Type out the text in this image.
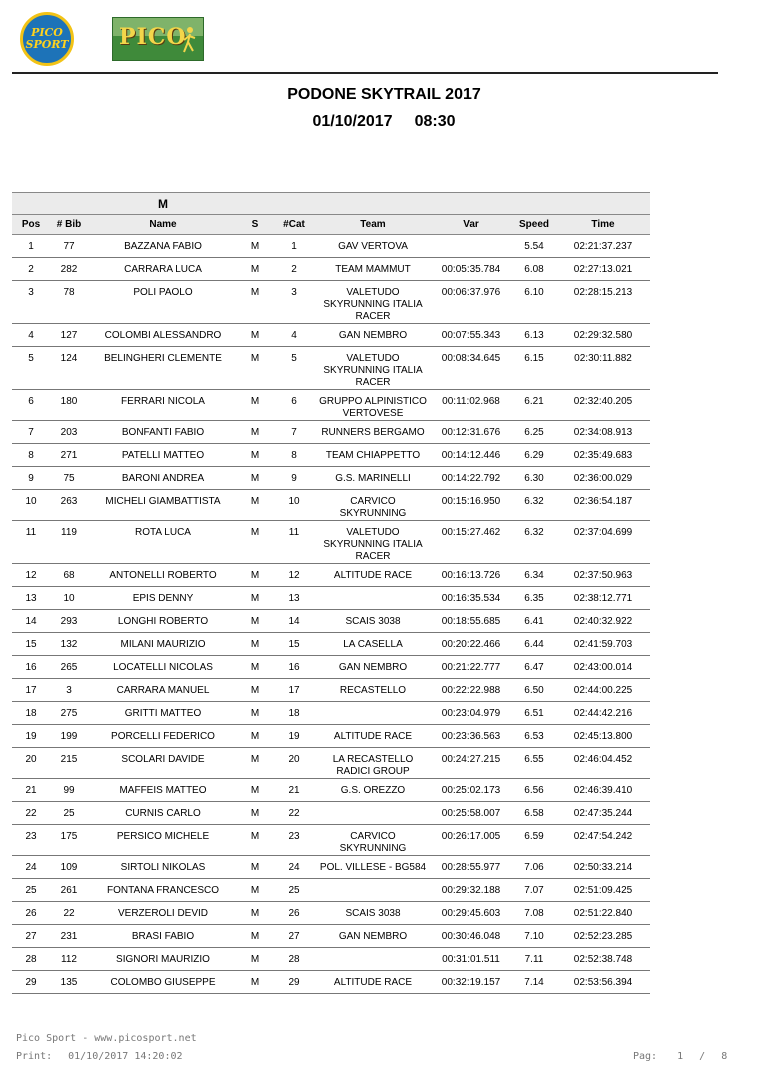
PICO
SPORT PICO
PODONE SKYTRAIL 2017
01/10/2017 08:30
M								
Pos	# Bib	Name	S	#Cat	Team	Var	Speed	Time
1	77	BAZZANA FABIO	M	1	GAV VERTOVA		5.54	02:21:37.237
2	282	CARRARA LUCA	M	2	TEAM MAMMUT	00:05:35.784	6.08	02:27:13.021
3	78	POLI PAOLO	M	3	VALETUDO SKYRUNNING ITALIA RACER	00:06:37.976	6.10	02:28:15.213
4	127	COLOMBI ALESSANDRO	M	4	GAN NEMBRO	00:07:55.343	6.13	02:29:32.580
5	124	BELINGHERI CLEMENTE	M	5	VALETUDO SKYRUNNING ITALIA RACER	00:08:34.645	6.15	02:30:11.882
6	180	FERRARI NICOLA	M	6	GRUPPO ALPINISTICO VERTOVESE	00:11:02.968	6.21	02:32:40.205
7	203	BONFANTI FABIO	M	7	RUNNERS BERGAMO	00:12:31.676	6.25	02:34:08.913
8	271	PATELLI MATTEO	M	8	TEAM CHIAPPETTO	00:14:12.446	6.29	02:35:49.683
9	75	BARONI ANDREA	M	9	G.S. MARINELLI	00:14:22.792	6.30	02:36:00.029
10	263	MICHELI GIAMBATTISTA	M	10	CARVICO SKYRUNNING	00:15:16.950	6.32	02:36:54.187
11	119	ROTA LUCA	M	11	VALETUDO SKYRUNNING ITALIA RACER	00:15:27.462	6.32	02:37:04.699
12	68	ANTONELLI ROBERTO	M	12	ALTITUDE RACE	00:16:13.726	6.34	02:37:50.963
13	10	EPIS DENNY	M	13		00:16:35.534	6.35	02:38:12.771
14	293	LONGHI ROBERTO	M	14	SCAIS 3038	00:18:55.685	6.41	02:40:32.922
15	132	MILANI MAURIZIO	M	15	LA CASELLA	00:20:22.466	6.44	02:41:59.703
16	265	LOCATELLI NICOLAS	M	16	GAN NEMBRO	00:21:22.777	6.47	02:43:00.014
17	3	CARRARA MANUEL	M	17	RECASTELLO	00:22:22.988	6.50	02:44:00.225
18	275	GRITTI MATTEO	M	18		00:23:04.979	6.51	02:44:42.216
19	199	PORCELLI FEDERICO	M	19	ALTITUDE RACE	00:23:36.563	6.53	02:45:13.800
20	215	SCOLARI DAVIDE	M	20	LA RECASTELLO RADICI GROUP	00:24:27.215	6.55	02:46:04.452
21	99	MAFFEIS MATTEO	M	21	G.S. OREZZO	00:25:02.173	6.56	02:46:39.410
22	25	CURNIS CARLO	M	22		00:25:58.007	6.58	02:47:35.244
23	175	PERSICO MICHELE	M	23	CARVICO SKYRUNNING	00:26:17.005	6.59	02:47:54.242
24	109	SIRTOLI NIKOLAS	M	24	POL. VILLESE - BG584	00:28:55.977	7.06	02:50:33.214
25	261	FONTANA FRANCESCO	M	25		00:29:32.188	7.07	02:51:09.425
26	22	VERZEROLI DEVID	M	26	SCAIS 3038	00:29:45.603	7.08	02:51:22.840
27	231	BRASI FABIO	M	27	GAN NEMBRO	00:30:46.048	7.10	02:52:23.285
28	112	SIGNORI MAURIZIO	M	28		00:31:01.511	7.11	02:52:38.748
29	135	COLOMBO GIUSEPPE	M	29	ALTITUDE RACE	00:32:19.157	7.14	02:53:56.394
Pico Sport - www.picosport.net
Print: 01/10/2017 14:20:02	Pag: 1 / 8
